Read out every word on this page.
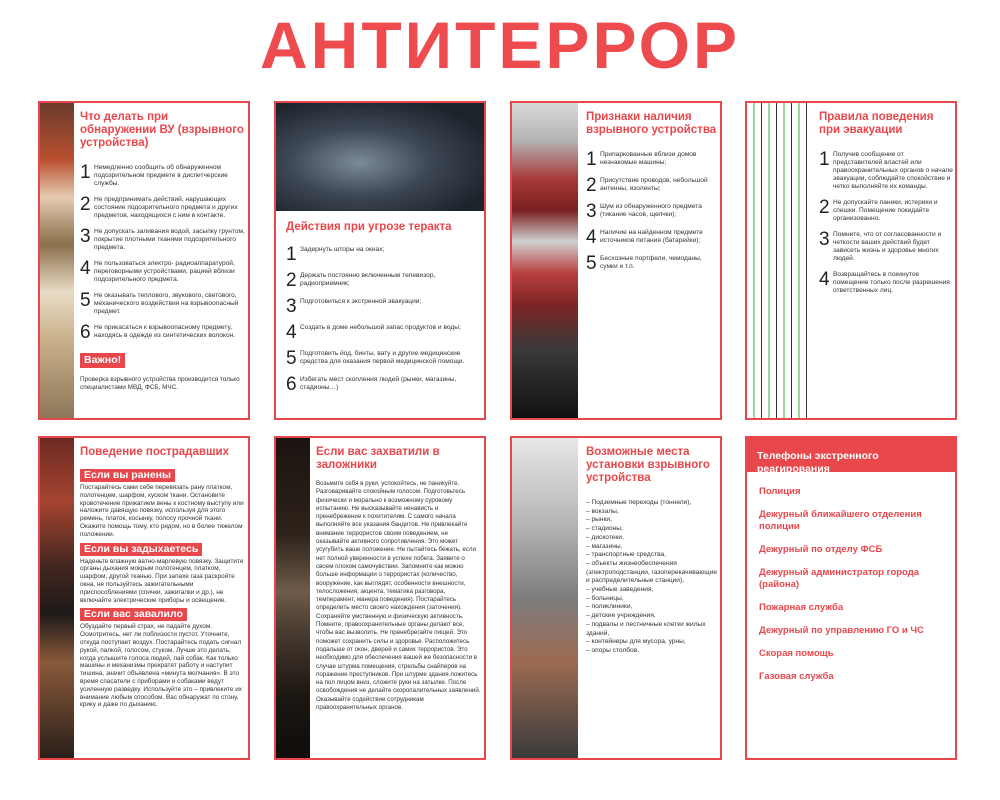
АНТИТЕРРОР
Что делать при обнаружении ВУ (взрывного устройства)
1 Немедленно сообщить об обнаруженном подозрительном предмете в диспетчерские службы.
2 Не предпринимать действий, нарушающих состояние подозрительного предмета и других предметов, находящихся с ним в контакте.
3 Не допускать заливания водой, засыпку грунтом, покрытие плотными тканями подозрительного предмета.
4 Не пользоваться электро- радиоаппаратурой, переговорными устройствами, рацией вблизи подозрительного предмета.
5 Не оказывать теплового, звукового, светового, механического воздействия на взрывоопасный предмет.
6 Не прикасаться к взрывоопасному предмету, находясь в одежде из синтетических волокон.
Важно!
Проверка взрывного устройства производится только специалистами МВД, ФСБ, МЧС.
Действия при угрозе теракта
1 Задернуть шторы на окнах;
2 Держать постоянно включенным телевизор, радиоприемник;
3 Подготовиться к экстренной эвакуации;
4 Создать в доме небольшой запас продуктов и воды;
5 Подготовить йод, бинты, вату и другие медицинские средства для оказания первой медицинской помощи.
6 Избегать мест скопления людей (рынки, магазины, стадионы…)
Признаки наличия взрывного устройства
1 Припаркованные вблизи домов незнакомые машины;
2 Присутствие проводов, небольшой антенны, изоленты;
3 Шум из обнаруженного предмета (тикание часов, щелчки);
4 Наличие на найденном предмете источников питания (батарейки);
5 Бесхозные портфели, чемоданы, сумки и т.п.
Правила поведения при эвакуации
1 Получив сообщение от представителей властей или правоохранительных органов о начале эвакуации, соблюдайте спокойствие и четко выполняйте их команды.
2 Не допускайте паники, истерики и спешки. Помещение покидайте организованно.
3 Помните, что от согласованности и четкости ваших действий будет зависеть жизнь и здоровье многих людей.
4 Возвращайтесь в покинутое помещение только после разрешения ответственных лиц.
Поведение пострадавших
Если вы ранены
Постарайтесь сами себе перевязать рану платком, полотенцем, шарфом, куском ткани. Остановите кровотечение прижатием вены к костному выступу или наложите давящую повязку, используя для этого ремень, платок, косынку, полосу прочной ткани. Окажите помощь тому, кто рядом, но в более тяжелом положении.
Если вы задыхаетесь
Наденьте влажную ватно-марлевую повязку. Защитите органы дыхания мокрым полотенцем, платком, шарфом, другой тканью. При запахе газа раскройте окна, не пользуйтесь зажигательными приспособлениями (спички, зажигалки и др.), не включайте электрические приборы и освещение.
Если вас завалило
Обуздайте первый страх, не падайте духом. Осмотритесь, нет ли поблизости пустот. Уточните, откуда поступает воздух. Постарайтесь подать сигнал рукой, палкой, голосом, стуком. Лучше это делать, когда услышите голоса людей, лай собак. Как только машины и механизмы прекратят работу и наступит тишина, значит объявлена «минута молчания». В это время спасатели с приборами и собаками ведут усиленную разведку. Используйте это – привлеките их внимание любым способом. Вас обнаружат по стону, крику и даже по дыханию.
Если вас захватили в заложники
Возьмите себя в руки, успокойтесь, не паникуйте. Разговаривайте спокойным голосом. Подготовьтесь физически и морально к возможному суровому испытанию. Не высказывайте ненависть и пренебрежение к похитителям. С самого начала выполняйте все указания бандитов. Не привлекайте внимание террористов своим поведением, не оказывайте активного сопротивления. Это может усугубить ваше положение. Не пытайтесь бежать, если нет полной уверенности в успехе побега. Заявите о своем плохом самочувствии. Запомните как можно больше информации о террористах (количество, вооружение, как выглядят, особенности внешности, телосложения, акцента, тематика разговора, темперамент, манера поведения). Постарайтесь определить место своего нахождения (заточения). Сохраняйте умственную и физическую активность. Помните, правоохранительные органы делают все, чтобы вас вызволить. Не пренебрегайте пищей. Это поможет сохранить силы и здоровье. Расположитесь подальше от окон, дверей и самих террористов. Это необходимо для обеспечения вашей же безопасности в случае штурма помещения, стрельбы снайперов на поражение преступников. При штурме здания ложитесь на пол лицом вниз, сложите руки на затылке. После освобождения не делайте скоропалительных заявлений. Оказывайте содействие сотрудникам правоохранительных органов.
Возможные места установки взрывного устройства
– Подземные переходы (тоннели),
– вокзалы,
– рынки,
– стадионы,
– дискотеки,
– магазины,
– транспортные средства,
– объекты жизнеобеспечения (электроподстанции, газоперекачивающие и распределительные станции),
– учебные заведения,
– больницы,
– поликлиники,
– детские учреждения,
– подвалы и лестничные клетки жилых зданий,
– контейнеры для мусора, урны,
– опоры столбов.
Телефоны экстренного реагирования
Полиция
Дежурный ближайшего отделения полиции
Дежурный по отделу ФСБ
Дежурный администратор города (района)
Пожарная служба
Дежурный по управлению ГО и ЧС
Скорая помощь
Газовая служба
